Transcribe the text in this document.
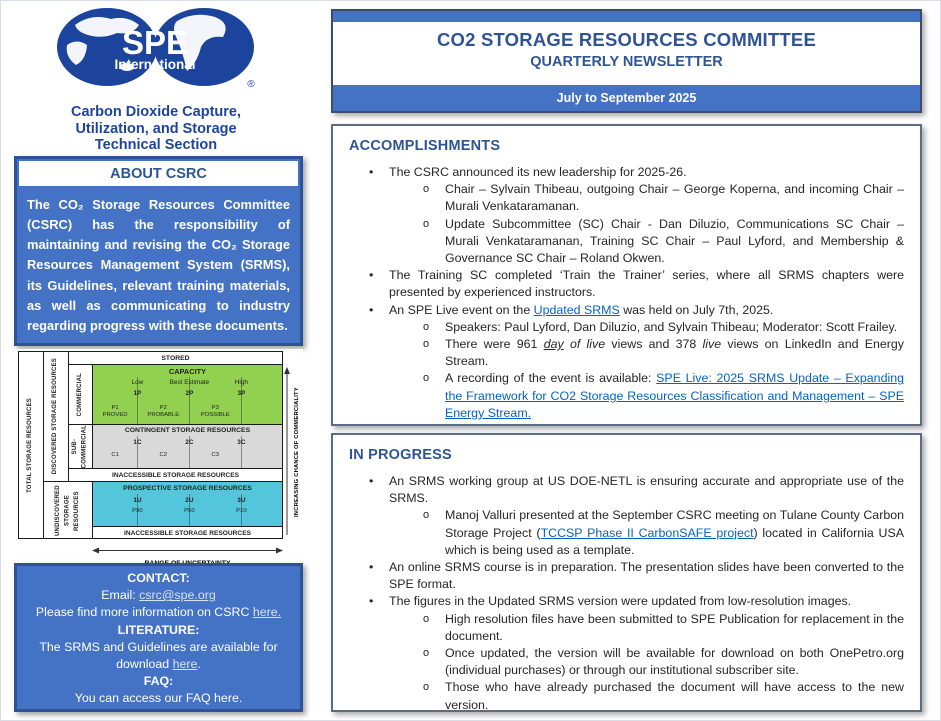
SPE
International
®
Carbon Dioxide Capture,
Utilization, and Storage
Technical Section
ABOUT CSRC
The CO₂ Storage Resources Committee (CSRC) has the responsibility of maintaining and revising the CO₂ Storage Resources Management System (SRMS), its Guidelines, relevant training materials, as well as communicating to industry regarding progress with these documents.
TOTAL STORAGE RESOURCES	DISCOVERED STORAGE RESOURCES
STORED
COMMERCIAL
CAPACITY
Low	Best Estimate	High
1P	2P	3P
P1
PROVED
P2
PROBABLE
P3
POSSIBLE
SUB-COMMERCIAL	CONTINGENT STORAGE RESOURCES
1C	2C	3C
C1	C2	C3
INACCESSIBLE STORAGE RESOURCES
UNDISCOVERED STORAGE RESOURCES
PROSPECTIVE STORAGE RESOURCES
1U	2U	3U
P90	P50	P10
INACCESSIBLE STORAGE RESOURCES
INCREASING CHANCE OF COMMERCIALITY
CONTACT:
Email: csrc@spe.org
Please find more information on CSRC here.
LITERATURE:
The SRMS and Guidelines are available for download here.
FAQ:
You can access our FAQ here.
CO2 STORAGE RESOURCES COMMITTEE
QUARTERLY NEWSLETTER
July to September 2025
ACCOMPLISHMENTS
•	The CSRC announced its new leadership for 2025-26.
o	Chair – Sylvain Thibeau, outgoing Chair – George Koperna, and incoming Chair – Murali Venkataramanan.
o	Update Subcommittee (SC) Chair - Dan Diluzio, Communications SC Chair – Murali Venkataramanan, Training SC Chair – Paul Lyford, and Membership & Governance SC Chair – Roland Okwen.
•	The Training SC completed ‘Train the Trainer’ series, where all SRMS chapters were presented by experienced instructors.
•	An SPE Live event on the Updated SRMS was held on July 7th, 2025.
o	Speakers: Paul Lyford, Dan Diluzio, and Sylvain Thibeau; Moderator: Scott Frailey.
o	There were 961 day of live views and 378 live views on LinkedIn and Energy Stream.
o	A recording of the event is available: SPE Live: 2025 SRMS Update – Expanding the Framework for CO2 Storage Resources Classification and Management – SPE Energy Stream.
IN PROGRESS
•	An SRMS working group at US DOE-NETL is ensuring accurate and appropriate use of the SRMS.
o	Manoj Valluri presented at the September CSRC meeting on Tulane County Carbon Storage Project (TCCSP Phase II CarbonSAFE project) located in California USA which is being used as a template.
•	An online SRMS course is in preparation. The presentation slides have been converted to the SPE format.
•	The figures in the Updated SRMS version were updated from low-resolution images.
o	High resolution files have been submitted to SPE Publication for replacement in the document.
o	Once updated, the version will be available for download on both OnePetro.org (individual purchases) or through our institutional subscriber site.
o	Those who have already purchased the document will have access to the new version.
